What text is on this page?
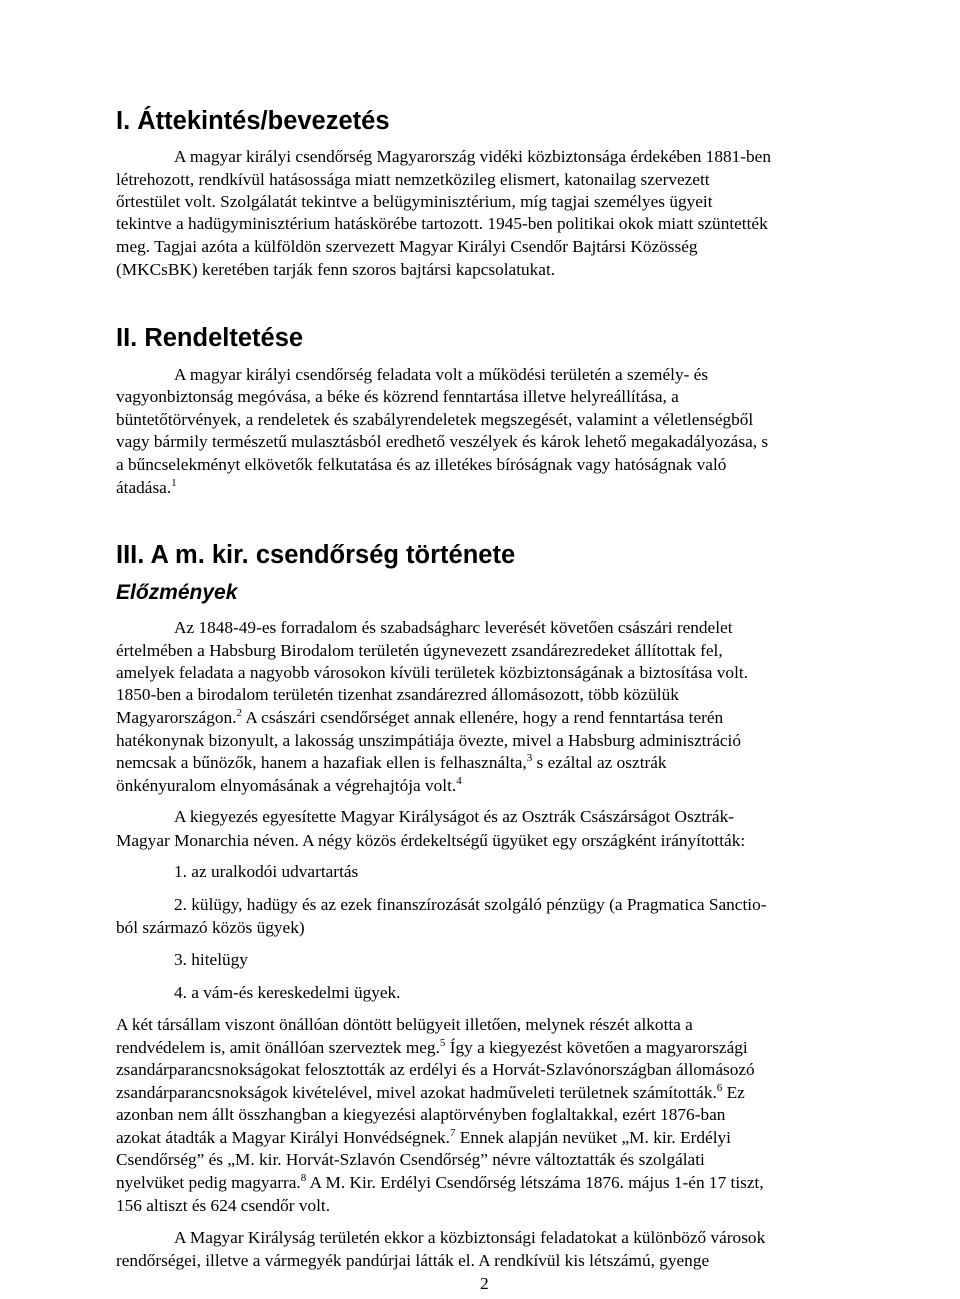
I. Áttekintés/bevezetés
A magyar királyi csendőrség Magyarország vidéki közbiztonsága érdekében 1881-ben
létrehozott, rendkívül hatásossága miatt nemzetközileg elismert, katonailag szervezett
őrtestület volt. Szolgálatát tekintve a belügyminisztérium, míg tagjai személyes ügyeit
tekintve a hadügyminisztérium hatáskörébe tartozott. 1945-ben politikai okok miatt szüntették
meg. Tagjai azóta a külföldön szervezett Magyar Királyi Csendőr Bajtársi Közösség
(MKCsBK) keretében tarják fenn szoros bajtársi kapcsolatukat.
II. Rendeltetése
A magyar királyi csendőrség feladata volt a működési területén a személy- és
vagyonbiztonság megóvása, a béke és közrend fenntartása illetve helyreállítása, a
büntetőtörvények, a rendeletek és szabályrendeletek megszegését, valamint a véletlenségből
vagy bármily természetű mulasztásból eredhető veszélyek és károk lehető megakadályozása, s
a bűncselekményt elkövetők felkutatása és az illetékes bíróságnak vagy hatóságnak való
átadása.$^1$
III. A m. kir. csendőrség története
Előzmények
Az 1848-49-es forradalom és szabadságharc leverését követően császári rendelet
értelmében a Habsburg Birodalom területén úgynevezett zsandárezredeket állítottak fel,
amelyek feladata a nagyobb városokon kívüli területek közbiztonságának a biztosítása volt.
1850-ben a birodalom területén tizenhat zsandárezred állomásozott, több közülük
Magyarországon.$^2$ A császári csendőrséget annak ellenére, hogy a rend fenntartása terén
hatékonynak bizonyult, a lakosság unszimpátiája övezte, mivel a Habsburg adminisztráció
nemcsak a bűnözők, hanem a hazafiak ellen is felhasználta,$^3$ s ezáltal az osztrák
önkényuralom elnyomásának a végrehajtója volt.$^4$
A kiegyezés egyesítette Magyar Királyságot és az Osztrák Császárságot Osztrák-
Magyar Monarchia néven. A négy közös érdekeltségű ügyüket egy országként irányították:
1. az uralkodói udvartartás
2. külügy, hadügy és az ezek finanszírozását szolgáló pénzügy (a Pragmatica Sanctio-
ból származó közös ügyek)
3. hitelügy
4. a vám-és kereskedelmi ügyek.
A két társállam viszont önállóan döntött belügyeit illetően, melynek részét alkotta a
rendvédelem is, amit önállóan szerveztek meg.$^5$ Így a kiegyezést követően a magyarországi
zsandárparancsnokságokat felosztották az erdélyi és a Horvát-Szlavónországban állomásozó
zsandárparancsnokságok kivételével, mivel azokat hadműveleti területnek számították.$^6$ Ez
azonban nem állt összhangban a kiegyezési alaptörvényben foglaltakkal, ezért 1876-ban
azokat átadták a Magyar Királyi Honvédségnek.$^7$ Ennek alapján nevüket „M. kir. Erdélyi
Csendőrség” és „M. kir. Horvát-Szlavón Csendőrség” névre változtatták és szolgálati
nyelvüket pedig magyarra.$^8$ A M. Kir. Erdélyi Csendőrség létszáma 1876. május 1-én 17 tiszt,
156 altiszt és 624 csendőr volt.
A Magyar Királyság területén ekkor a közbiztonsági feladatokat a különböző városok
rendőrségei, illetve a vármegyék pandúrjai látták el. A rendkívül kis létszámú, gyenge
2
